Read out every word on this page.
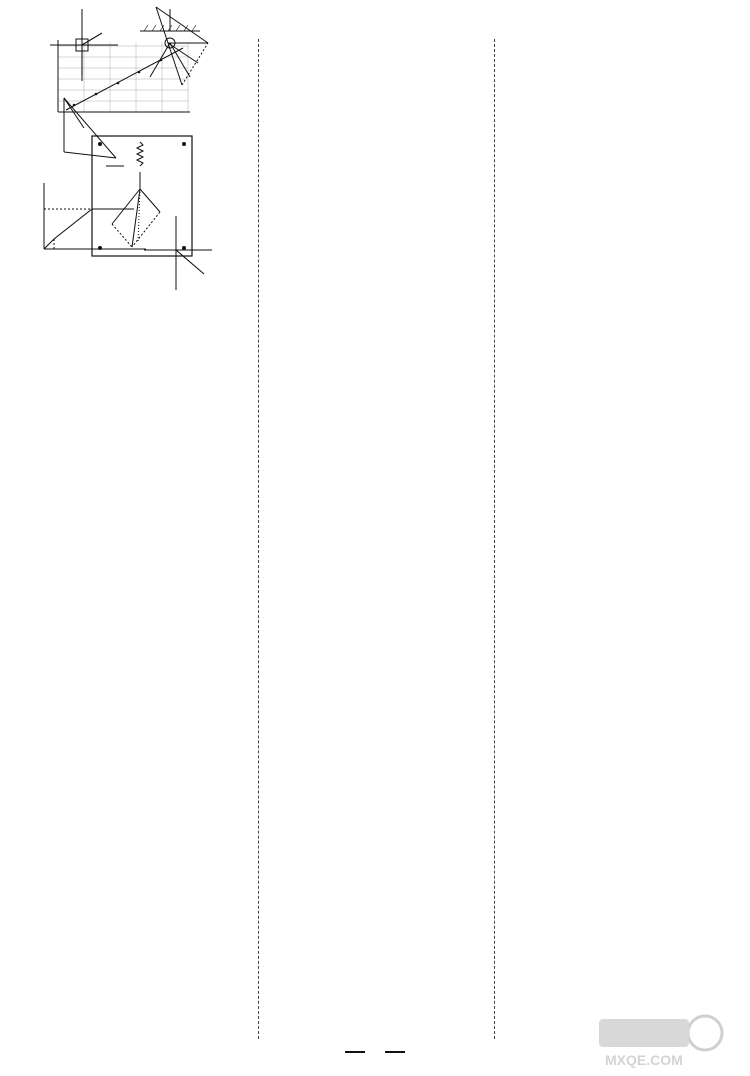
MXQE.COM
